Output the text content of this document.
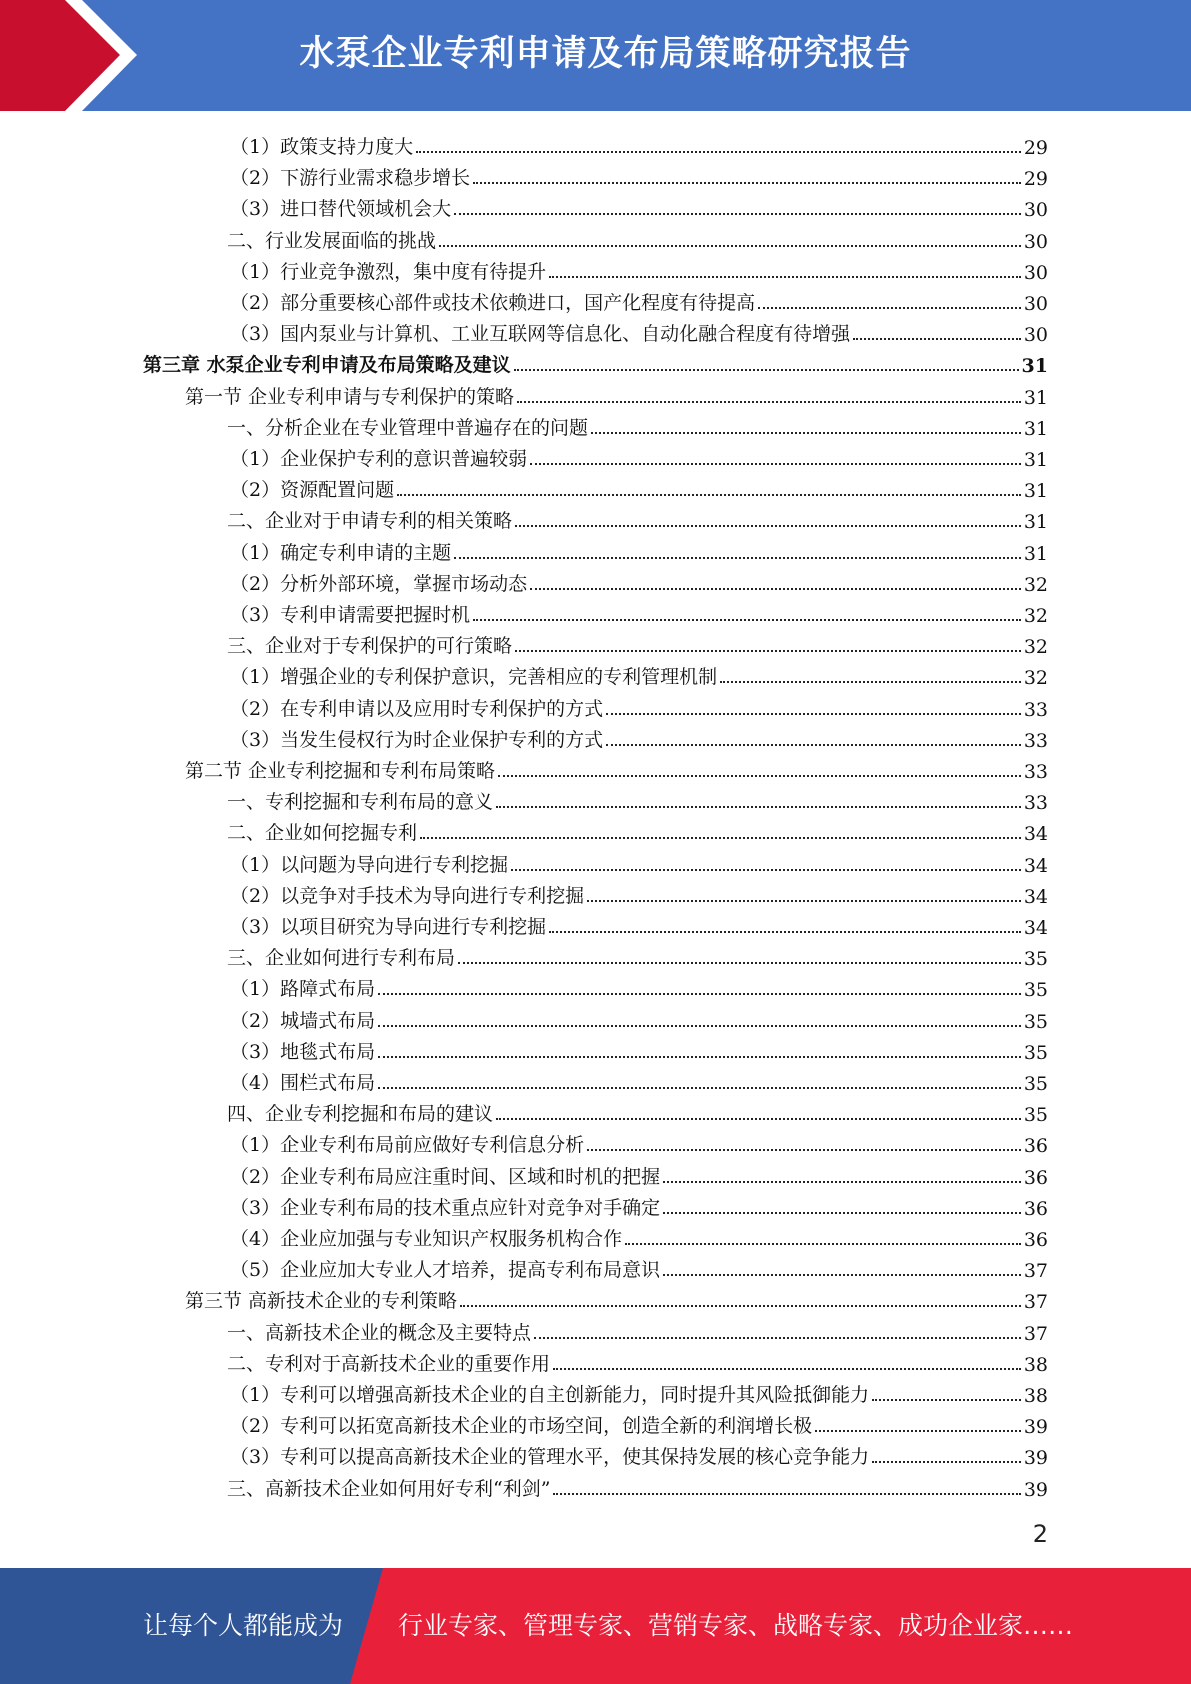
水泵企业专利申请及布局策略研究报告
（1）政策支持力度大	29
（2）下游行业需求稳步增长	29
（3）进口替代领域机会大	30
二、行业发展面临的挑战	30
（1）行业竞争激烈，集中度有待提升	30
（2）部分重要核心部件或技术依赖进口，国产化程度有待提高	30
（3）国内泵业与计算机、工业互联网等信息化、自动化融合程度有待增强	30
第三章 水泵企业专利申请及布局策略及建议	31
第一节 企业专利申请与专利保护的策略	31
一、分析企业在专业管理中普遍存在的问题	31
（1）企业保护专利的意识普遍较弱	31
（2）资源配置问题	31
二、企业对于申请专利的相关策略	31
（1）确定专利申请的主题	31
（2）分析外部环境，掌握市场动态	32
（3）专利申请需要把握时机	32
三、企业对于专利保护的可行策略	32
（1）增强企业的专利保护意识，完善相应的专利管理机制	32
（2）在专利申请以及应用时专利保护的方式	33
（3）当发生侵权行为时企业保护专利的方式	33
第二节 企业专利挖掘和专利布局策略	33
一、专利挖掘和专利布局的意义	33
二、企业如何挖掘专利	34
（1）以问题为导向进行专利挖掘	34
（2）以竞争对手技术为导向进行专利挖掘	34
（3）以项目研究为导向进行专利挖掘	34
三、企业如何进行专利布局	35
（1）路障式布局	35
（2）城墙式布局	35
（3）地毯式布局	35
（4）围栏式布局	35
四、企业专利挖掘和布局的建议	35
（1）企业专利布局前应做好专利信息分析	36
（2）企业专利布局应注重时间、区域和时机的把握	36
（3）企业专利布局的技术重点应针对竞争对手确定	36
（4）企业应加强与专业知识产权服务机构合作	36
（5）企业应加大专业人才培养，提高专利布局意识	37
第三节 高新技术企业的专利策略	37
一、高新技术企业的概念及主要特点	37
二、专利对于高新技术企业的重要作用	38
（1）专利可以增强高新技术企业的自主创新能力，同时提升其风险抵御能力	38
（2）专利可以拓宽高新技术企业的市场空间，创造全新的利润增长极	39
（3）专利可以提高高新技术企业的管理水平，使其保持发展的核心竞争能力	39
三、高新技术企业如何用好专利“利剑”	39
2
让每个人都能成为 行业专家、管理专家、营销专家、战略专家、成功企业家……
